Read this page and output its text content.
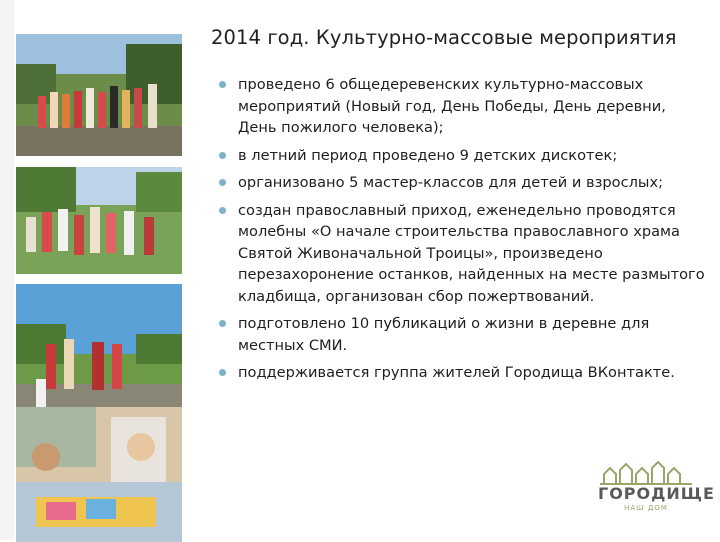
2014 год. Культурно-массовые мероприятия
проведено 6 общедеревенских культурно-массовых мероприятий (Новый год, День Победы, День деревни, День пожилого человека);
в летний период проведено 9 детских дискотек;
организовано 5 мастер-классов для детей и взрослых;
создан православный приход, еженедельно проводятся молебны «О начале строительства православного храма Святой Живоначальной Троицы», произведено перезахоронение останков, найденных на месте размытого кладбища, организован сбор пожертвований.
подготовлено 10 публикаций о жизни в деревне для местных СМИ.
поддерживается группа жителей Городища ВКонтакте.
ГОРОДИЩЕ
НАШ ДОМ
